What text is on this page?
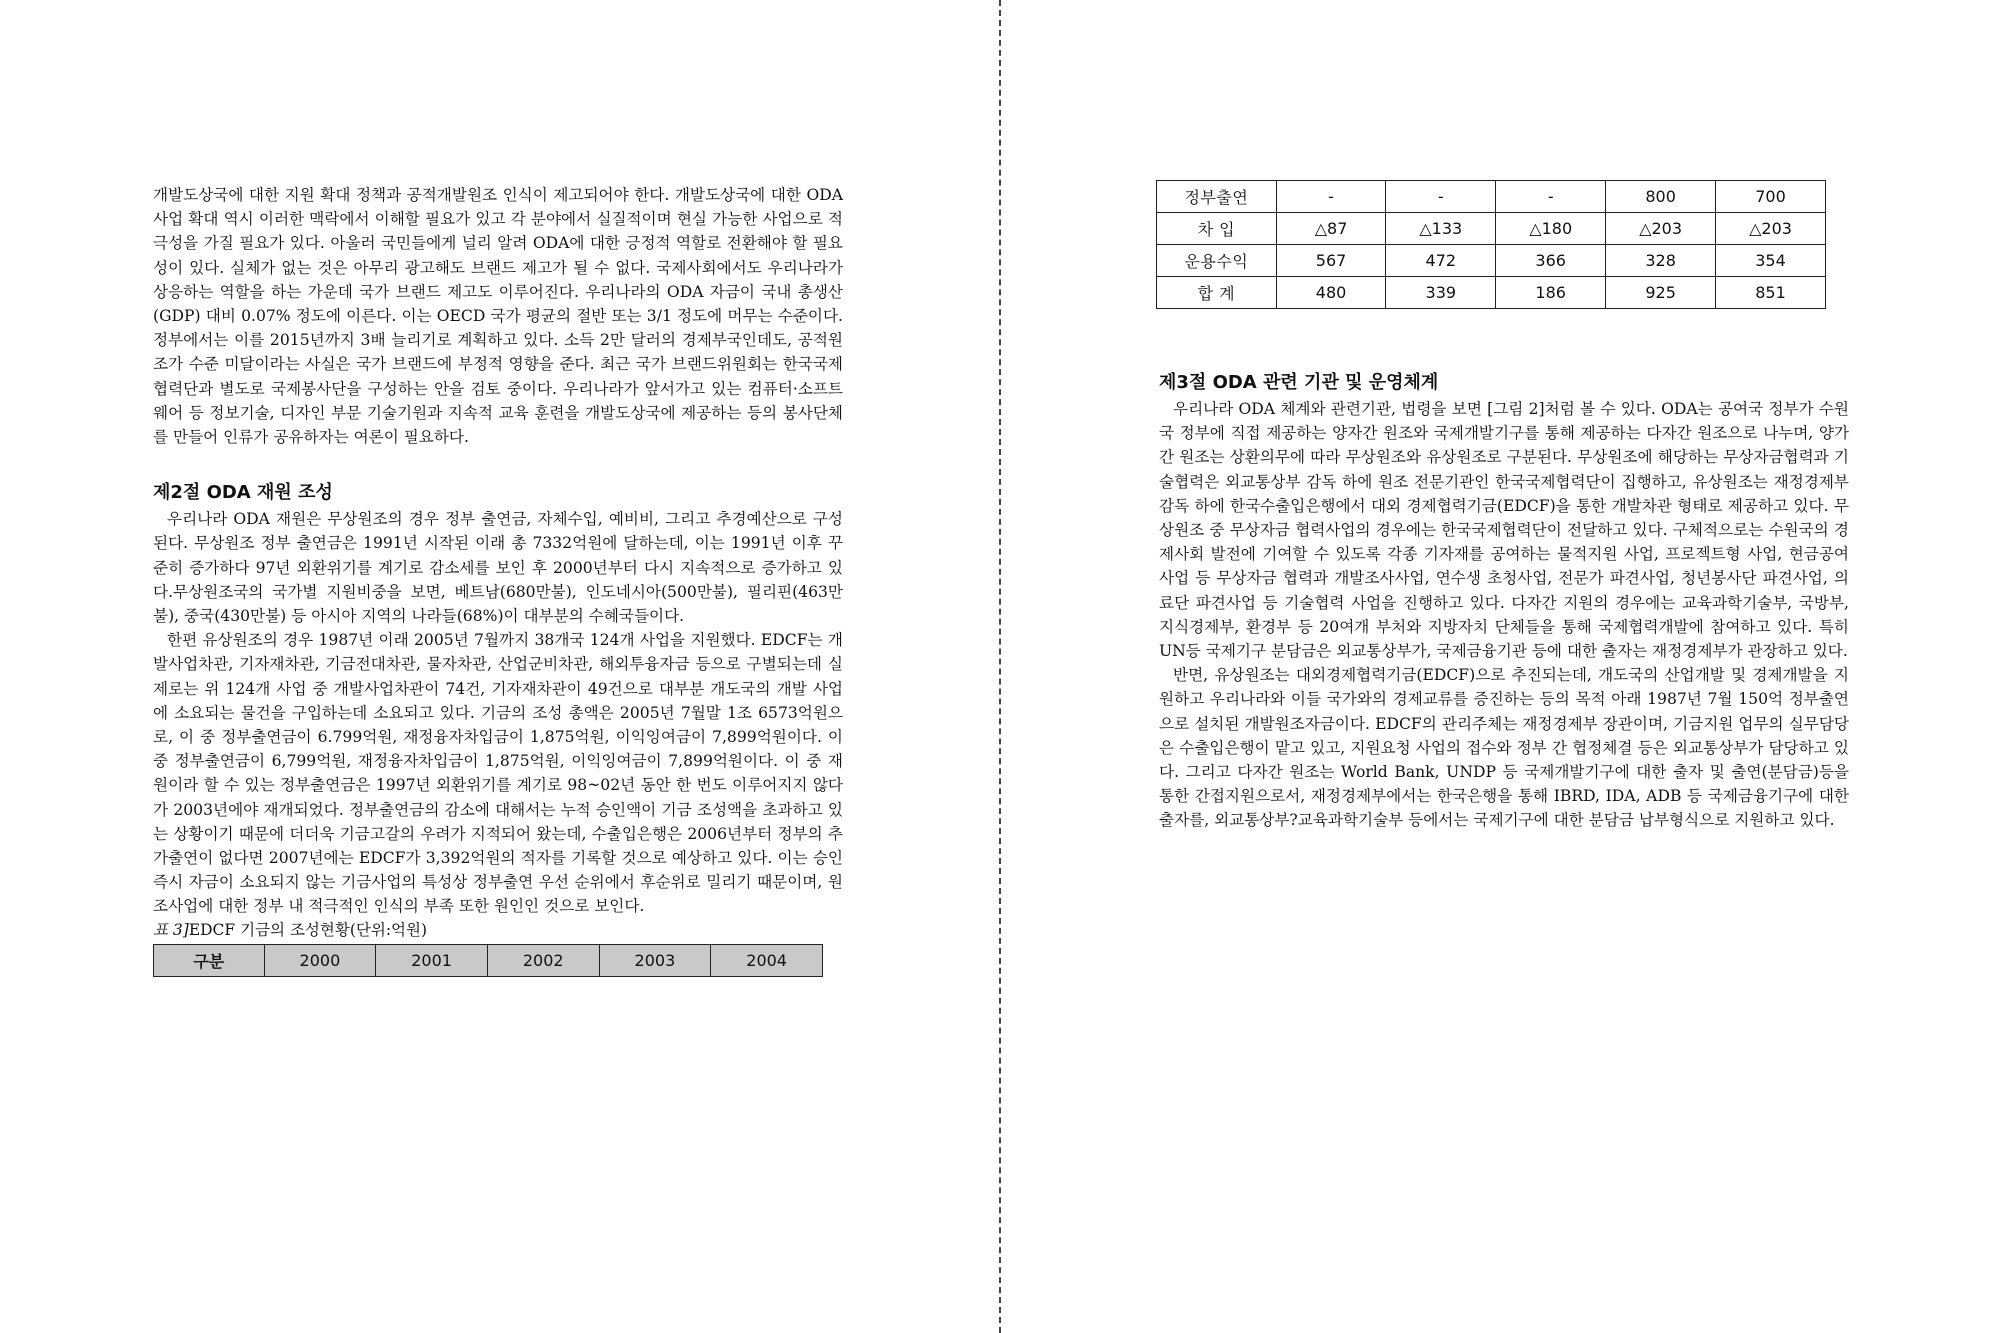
개발도상국에 대한 지원 확대 정책과 공적개발원조 인식이 제고되어야 한다. 개발도상국에 대한 ODA 사업 확대 역시 이러한 맥락에서 이해할 필요가 있고 각 분야에서 실질적이며 현실 가능한 사업으로 적극성을 가질 필요가 있다. 아울러 국민들에게 널리 알려 ODA에 대한 긍정적 역할로 전환해야 할 필요성이 있다. 실체가 없는 것은 아무리 광고해도 브랜드 제고가 될 수 없다. 국제사회에서도 우리나라가 상응하는 역할을 하는 가운데 국가 브랜드 제고도 이루어진다. 우리나라의 ODA 자금이 국내 총생산(GDP) 대비 0.07% 정도에 이른다. 이는 OECD 국가 평균의 절반 또는 3/1 정도에 머무는 수준이다. 정부에서는 이를 2015년까지 3배 늘리기로 계획하고 있다. 소득 2만 달러의 경제부국인데도, 공적원조가 수준 미달이라는 사실은 국가 브랜드에 부정적 영향을 준다. 최근 국가 브랜드위원회는 한국국제협력단과 별도로 국제봉사단을 구성하는 안을 검토 중이다. 우리나라가 앞서가고 있는 컴퓨터·소프트웨어 등 정보기술, 디자인 부문 기술기원과 지속적 교육 훈련을 개발도상국에 제공하는 등의 봉사단체를 만들어 인류가 공유하자는 여론이 필요하다.

제2절 ODA 재원 조성

우리나라 ODA 재원은 무상원조의 경우 정부 출연금, 자체수입, 예비비, 그리고 추경예산으로 구성된다. 무상원조 정부 출연금은 1991년 시작된 이래 총 7332억원에 달하는데, 이는 1991년 이후 꾸준히 증가하다 97년 외환위기를 계기로 감소세를 보인 후 2000년부터 다시 지속적으로 증가하고 있다.무상원조국의 국가별 지원비중을 보면, 베트남(680만불), 인도네시아(500만불), 필리핀(463만불), 중국(430만불) 등 아시아 지역의 나라들(68%)이 대부분의 수혜국들이다.

한편 유상원조의 경우 1987년 이래 2005년 7월까지 38개국 124개 사업을 지원했다. EDCF는 개발사업차관, 기자재차관, 기금전대차관, 물자차관, 산업군비차관, 해외투융자금 등으로 구별되는데 실제로는 위 124개 사업 중 개발사업차관이 74건, 기자재차관이 49건으로 대부분 개도국의 개발 사업에 소요되는 물건을 구입하는데 소요되고 있다. 기금의 조성 총액은 2005년 7월말 1조 6573억원으로, 이 중 정부출연금이 6.799억원, 재정융자차입금이 1,875억원, 이익잉여금이 7,899억원이다. 이 중 정부출연금이 6,799억원, 재정융자차입금이 1,875억원, 이익잉여금이 7,899억원이다. 이 중 재원이라 할 수 있는 정부출연금은 1997년 외환위기를 계기로 98~02년 동안 한 번도 이루어지지 않다가 2003년에야 재개되었다. 정부출연금의 감소에 대해서는 누적 승인액이 기금 조성액을 초과하고 있는 상황이기 때문에 더더욱 기금고갈의 우려가 지적되어 왔는데, 수출입은행은 2006년부터 정부의 추가출연이 없다면 2007년에는 EDCF가 3,392억원의 적자를 기록할 것으로 예상하고 있다. 이는 승인 즉시 자금이 소요되지 않는 기금사업의 특성상 정부출연 우선 순위에서 후순위로 밀리기 때문이며, 원조사업에 대한 정부 내 적극적인 인식의 부족 또한 원인인 것으로 보인다.

표 3]EDCF 기금의 조성현황(단위:억원)
구분	2000	2001	2002	2003	2004
정부출연	-	-	-	800	700
차 입	△87	△133	△180	△203	△203
운용수익	567	472	366	328	354
합 계	480	339	186	925	851
제3절 ODA 관련 기관 및 운영체계

우리나라 ODA 체계와 관련기관, 법령을 보면 [그림 2]처럼 볼 수 있다. ODA는 공여국 정부가 수원국 정부에 직접 제공하는 양자간 원조와 국제개발기구를 통해 제공하는 다자간 원조으로 나누며, 양가 간 원조는 상환의무에 따라 무상원조와 유상원조로 구분된다. 무상원조에 해당하는 무상자금협력과 기술협력은 외교통상부 감독 하에 원조 전문기관인 한국국제협력단이 집행하고, 유상원조는 재정경제부 감독 하에 한국수출입은행에서 대외 경제협력기금(EDCF)을 통한 개발차관 형태로 제공하고 있다. 무상원조 중 무상자금 협력사업의 경우에는 한국국제협력단이 전달하고 있다. 구체적으로는 수원국의 경제사회 발전에 기여할 수 있도록 각종 기자재를 공여하는 물적지원 사업, 프로젝트형 사업, 현금공여 사업 등 무상자금 협력과 개발조사사업, 연수생 초청사업, 전문가 파견사업, 청년봉사단 파견사업, 의료단 파견사업 등 기술협력 사업을 진행하고 있다. 다자간 지원의 경우에는 교육과학기술부, 국방부, 지식경제부, 환경부 등 20여개 부처와 지방자치 단체들을 통해 국제협력개발에 참여하고 있다. 특히 UN등 국제기구 분담금은 외교통상부가, 국제금융기관 등에 대한 출자는 재정경제부가 관장하고 있다.

반면, 유상원조는 대외경제협력기금(EDCF)으로 추진되는데, 개도국의 산업개발 및 경제개발을 지원하고 우리나라와 이들 국가와의 경제교류를 증진하는 등의 목적 아래 1987년 7월 150억 정부출연으로 설치된 개발원조자금이다. EDCF의 관리주체는 재정경제부 장관이며, 기금지원 업무의 실무담당은 수출입은행이 맡고 있고, 지원요청 사업의 접수와 정부 간 협정체결 등은 외교통상부가 담당하고 있다. 그리고 다자간 원조는 World Bank, UNDP 등 국제개발기구에 대한 출자 및 출연(분담금)등을 통한 간접지원으로서, 재정경제부에서는 한국은행을 통해 IBRD, IDA, ADB 등 국제금융기구에 대한 출자를, 외교통상부?교육과학기술부 등에서는 국제기구에 대한 분담금 납부형식으로 지원하고 있다.
